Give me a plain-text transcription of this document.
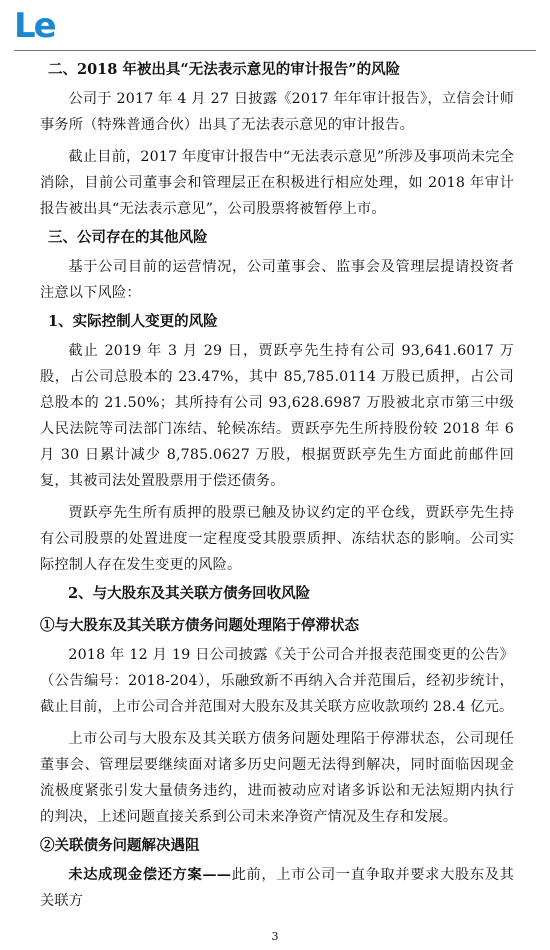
Le
二、2018 年被出具“无法表示意见的审计报告”的风险

公司于 2017 年 4 月 27 日披露《2017 年年审计报告》，立信会计师事务所（特殊普通合伙）出具了无法表示意见的审计报告。

截止目前，2017 年度审计报告中“无法表示意见”所涉及事项尚未完全消除，目前公司董事会和管理层正在积极进行相应处理，如 2018 年审计报告被出具“无法表示意见”，公司股票将被暂停上市。

三、公司存在的其他风险

基于公司目前的运营情况，公司董事会、监事会及管理层提请投资者注意以下风险：

1、实际控制人变更的风险

截止 2019 年 3 月 29 日，贾跃亭先生持有公司 93,641.6017 万股，占公司总股本的 23.47%，其中 85,785.0114 万股已质押，占公司总股本的 21.50%；其所持有公司 93,628.6987 万股被北京市第三中级人民法院等司法部门冻结、轮候冻结。贾跃亭先生所持股份较 2018 年 6 月 30 日累计减少 8,785.0627 万股，根据贾跃亭先生方面此前邮件回复，其被司法处置股票用于偿还债务。

贾跃亭先生所有质押的股票已触及协议约定的平仓线，贾跃亭先生持有公司股票的处置进度一定程度受其股票质押、冻结状态的影响。公司实际控制人存在发生变更的风险。

2、与大股东及其关联方债务回收风险
①与大股东及其关联方债务问题处理陷于停滞状态

2018 年 12 月 19 日公司披露《关于公司合并报表范围变更的公告》（公告编号：2018-204），乐融致新不再纳入合并范围后，经初步统计，截止目前，上市公司合并范围对大股东及其关联方应收款项约 28.4 亿元。

上市公司与大股东及其关联方债务问题处理陷于停滞状态，公司现任董事会、管理层要继续面对诸多历史问题无法得到解决，同时面临因现金流极度紧张引发大量债务违约，进而被动应对诸多诉讼和无法短期内执行的判决，上述问题直接关系到公司未来净资产情况及生存和发展。

②关联债务问题解决遇阻

未达成现金偿还方案——此前，上市公司一直争取并要求大股东及其关联方

3
